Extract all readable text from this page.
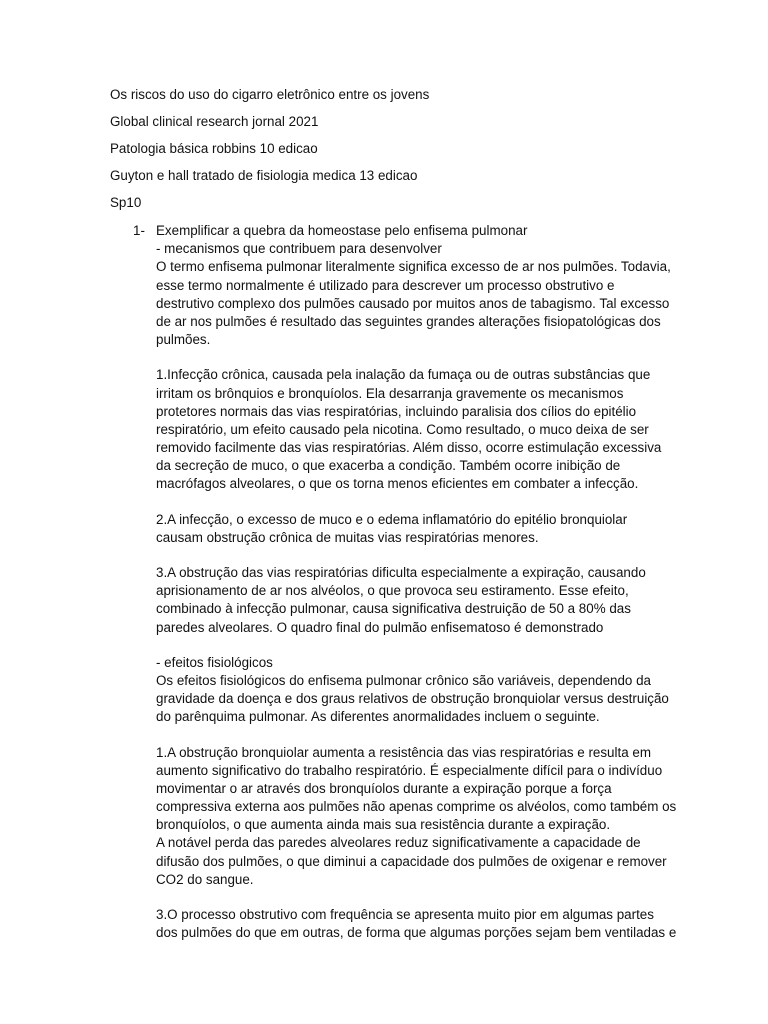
Os riscos do uso do cigarro eletrônico entre os jovens
Global clinical research jornal 2021
Patologia básica robbins 10 edicao
Guyton e hall tratado de fisiologia medica 13 edicao
Sp10
1- Exemplificar a quebra da homeostase pelo enfisema pulmonar
- mecanismos que contribuem para desenvolver
O termo enfisema pulmonar literalmente significa excesso de ar nos pulmões. Todavia,
esse termo normalmente é utilizado para descrever um processo obstrutivo e
destrutivo complexo dos pulmões causado por muitos anos de tabagismo. Tal excesso
de ar nos pulmões é resultado das seguintes grandes alterações fisiopatológicas dos
pulmões.
1.Infecção crônica, causada pela inalação da fumaça ou de outras substâncias que
irritam os brônquios e bronquíolos. Ela desarranja gravemente os mecanismos
protetores normais das vias respiratórias, incluindo paralisia dos cílios do epitélio
respiratório, um efeito causado pela nicotina. Como resultado, o muco deixa de ser
removido facilmente das vias respiratórias. Além disso, ocorre estimulação excessiva
da secreção de muco, o que exacerba a condição. Também ocorre inibição de
macrófagos alveolares, o que os torna menos eficientes em combater a infecção.
2.A infecção, o excesso de muco e o edema inflamatório do epitélio bronquiolar
causam obstrução crônica de muitas vias respiratórias menores.
3.A obstrução das vias respiratórias dificulta especialmente a expiração, causando
aprisionamento de ar nos alvéolos, o que provoca seu estiramento. Esse efeito,
combinado à infecção pulmonar, causa significativa destruição de 50 a 80% das
paredes alveolares. O quadro final do pulmão enfisematoso é demonstrado
- efeitos fisiológicos
Os efeitos fisiológicos do enfisema pulmonar crônico são variáveis, dependendo da
gravidade da doença e dos graus relativos de obstrução bronquiolar versus destruição
do parênquima pulmonar. As diferentes anormalidades incluem o seguinte.
1.A obstrução bronquiolar aumenta a resistência das vias respiratórias e resulta em
aumento significativo do trabalho respiratório. É especialmente difícil para o indivíduo
movimentar o ar através dos bronquíolos durante a expiração porque a força
compressiva externa aos pulmões não apenas comprime os alvéolos, como também os
bronquíolos, o que aumenta ainda mais sua resistência durante a expiração.
A notável perda das paredes alveolares reduz significativamente a capacidade de
difusão dos pulmões, o que diminui a capacidade dos pulmões de oxigenar e remover
CO2 do sangue.
3.O processo obstrutivo com frequência se apresenta muito pior em algumas partes
dos pulmões do que em outras, de forma que algumas porções sejam bem ventiladas e
